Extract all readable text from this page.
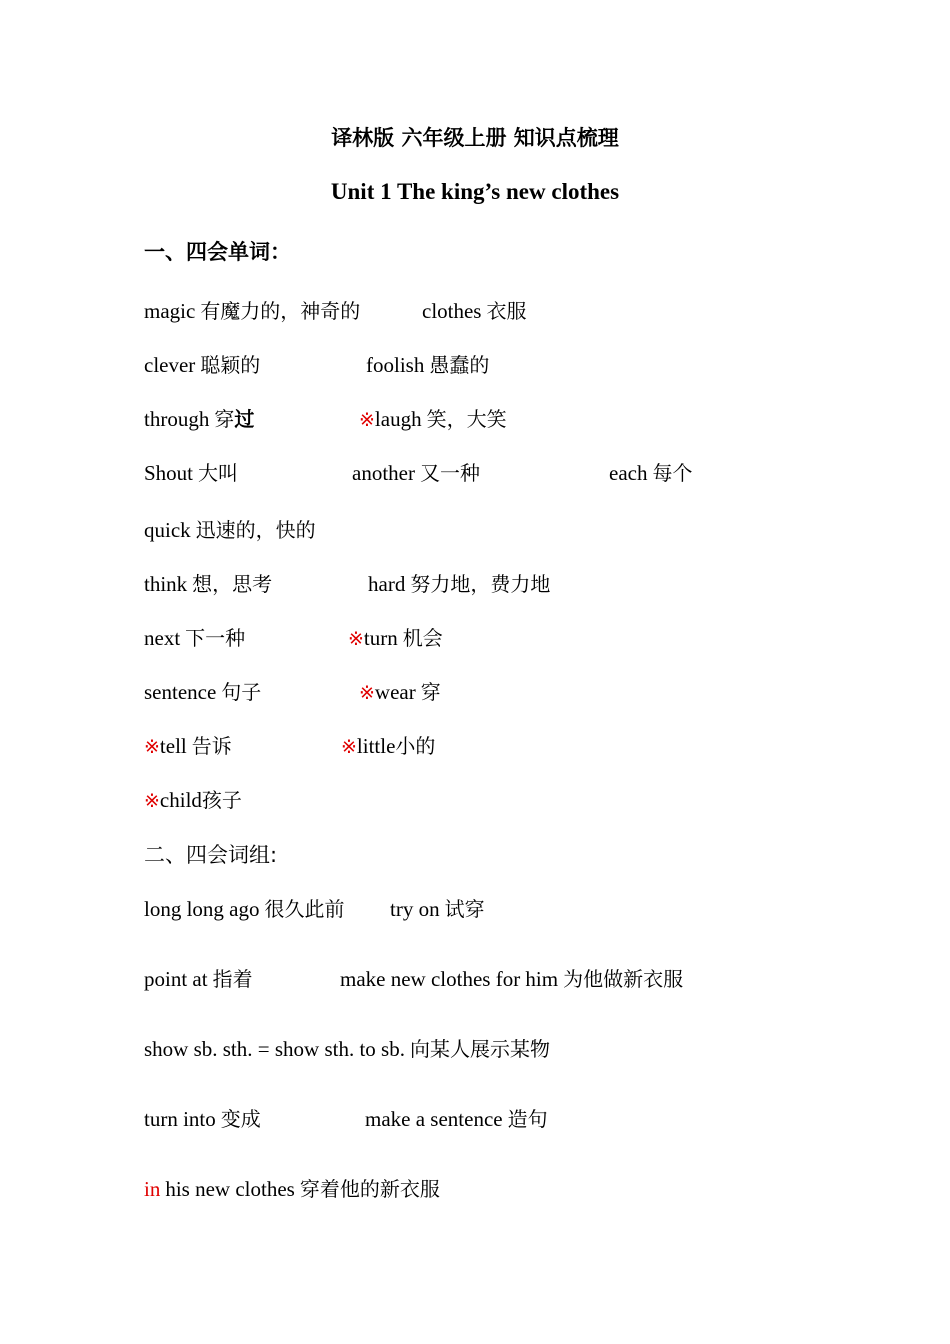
译林版 六年级上册 知识点梳理
Unit 1 The king’s new clothes
一、四会单词：
magic 有魔力的，神奇的	clothes 衣服
clever 聪颖的	foolish 愚蠢的
through 穿过	※laugh 笑，大笑
Shout 大叫	another 又一种	each 每个
quick 迅速的，快的
think 想，思考	hard 努力地，费力地
next 下一种	※turn 机会
sentence 句子	※wear 穿
※tell 告诉	※little小的
※child孩子
二、四会词组:
long long ago 很久此前 try on 试穿
point at 指着	make new clothes for him 为他做新衣服
show sb. sth. = show sth. to sb. 向某人展示某物
turn into 变成	make a sentence 造句
in his new clothes 穿着他的新衣服
